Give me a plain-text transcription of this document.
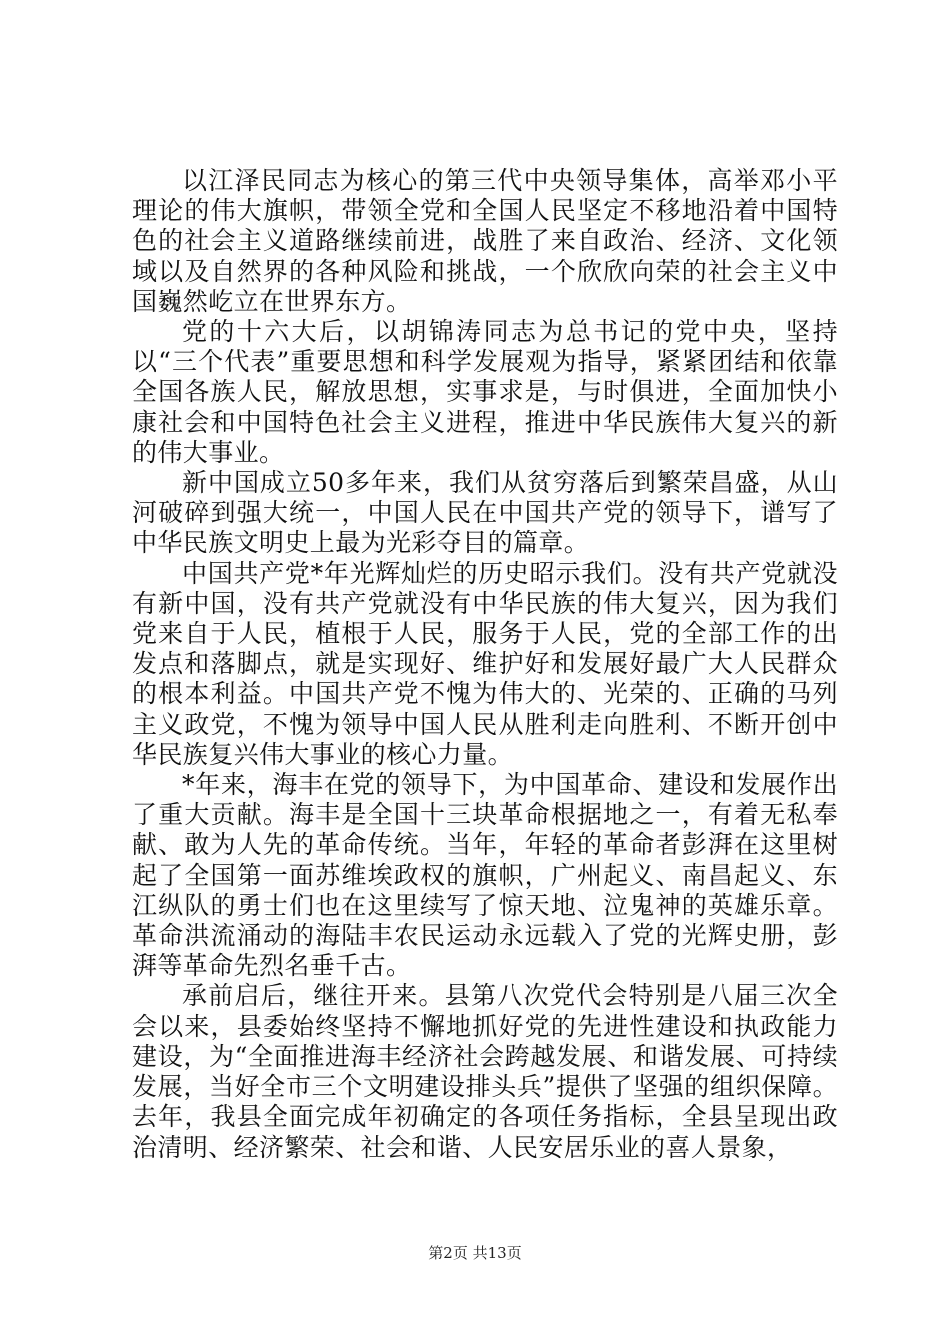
以江泽民同志为核心的第三代中央领导集体，高举邓小平理论的伟大旗帜，带领全党和全国人民坚定不移地沿着中国特色的社会主义道路继续前进，战胜了来自政治、经济、文化领域以及自然界的各种风险和挑战，一个欣欣向荣的社会主义中国巍然屹立在世界东方。

党的十六大后，以胡锦涛同志为总书记的党中央，坚持以“三个代表”重要思想和科学发展观为指导，紧紧团结和依靠全国各族人民，解放思想，实事求是，与时俱进，全面加快小康社会和中国特色社会主义进程，推进中华民族伟大复兴的新的伟大事业。

新中国成立50多年来，我们从贫穷落后到繁荣昌盛，从山河破碎到强大统一，中国人民在中国共产党的领导下，谱写了中华民族文明史上最为光彩夺目的篇章。

中国共产党*年光辉灿烂的历史昭示我们。没有共产党就没有新中国，没有共产党就没有中华民族的伟大复兴，因为我们党来自于人民，植根于人民，服务于人民，党的全部工作的出发点和落脚点，就是实现好、维护好和发展好最广大人民群众的根本利益。中国共产党不愧为伟大的、光荣的、正确的马列主义政党，不愧为领导中国人民从胜利走向胜利、不断开创中华民族复兴伟大事业的核心力量。

*年来，海丰在党的领导下，为中国革命、建设和发展作出了重大贡献。海丰是全国十三块革命根据地之一，有着无私奉献、敢为人先的革命传统。当年，年轻的革命者彭湃在这里树起了全国第一面苏维埃政权的旗帜，广州起义、南昌起义、东江纵队的勇士们也在这里续写了惊天地、泣鬼神的英雄乐章。革命洪流涌动的海陆丰农民运动永远载入了党的光辉史册，彭湃等革命先烈名垂千古。

承前启后，继往开来。县第八次党代会特别是八届三次全会以来，县委始终坚持不懈地抓好党的先进性建设和执政能力建设，为“全面推进海丰经济社会跨越发展、和谐发展、可持续发展，当好全市三个文明建设排头兵”提供了坚强的组织保障。去年，我县全面完成年初确定的各项任务指标，全县呈现出政治清明、经济繁荣、社会和谐、人民安居乐业的喜人景象，

第2页 共13页
